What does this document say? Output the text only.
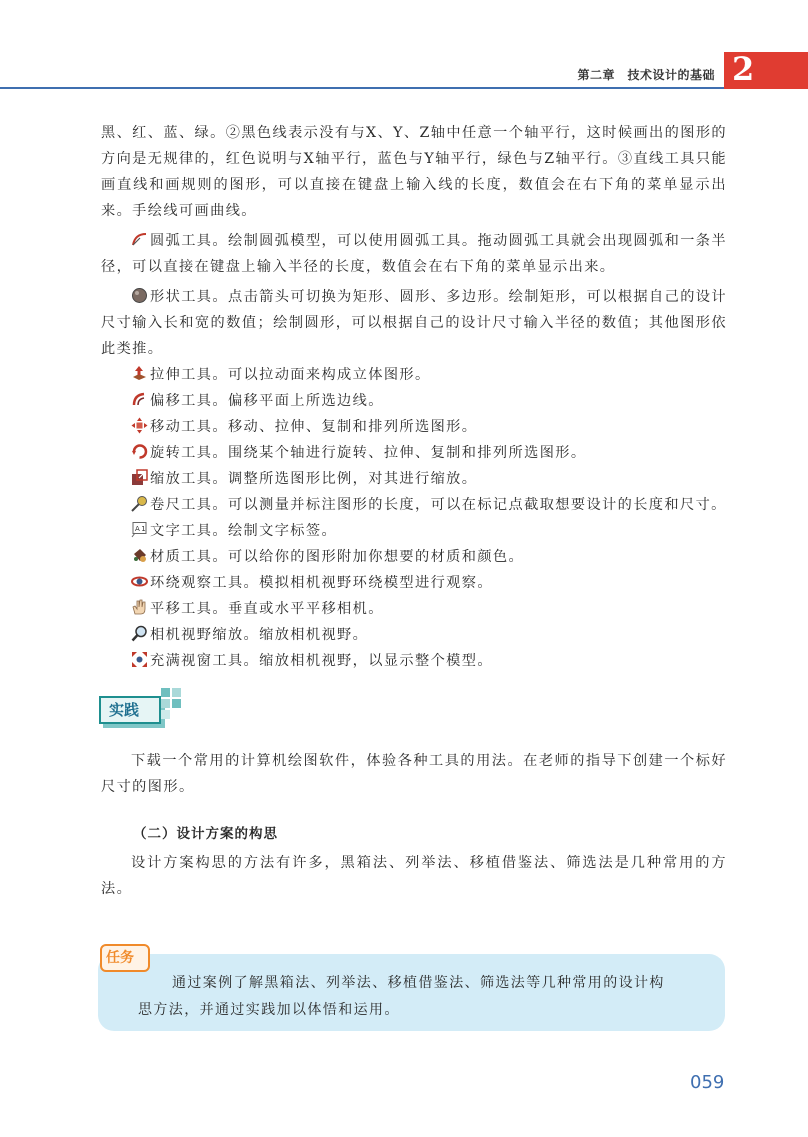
第二章　技术设计的基础 2

黑、红、蓝、绿。②黑色线表示没有与X、Y、Z轴中任意一个轴平行，这时候画出的图形的方向是无规律的，红色说明与X轴平行，蓝色与Y轴平行，绿色与Z轴平行。③直线工具只能画直线和画规则的图形，可以直接在键盘上输入线的长度，数值会在右下角的菜单显示出来。手绘线可画曲线。

圆弧工具。绘制圆弧模型，可以使用圆弧工具。拖动圆弧工具就会出现圆弧和一条半径，可以直接在键盘上输入半径的长度，数值会在右下角的菜单显示出来。

形状工具。点击箭头可切换为矩形、圆形、多边形。绘制矩形，可以根据自己的设计尺寸输入长和宽的数值；绘制圆形，可以根据自己的设计尺寸输入半径的数值；其他图形依此类推。

拉伸工具。可以拉动面来构成立体图形。

偏移工具。偏移平面上所选边线。

移动工具。移动、拉伸、复制和排列所选图形。

旋转工具。围绕某个轴进行旋转、拉伸、复制和排列所选图形。

缩放工具。调整所选图形比例，对其进行缩放。

卷尺工具。可以测量并标注图形的长度，可以在标记点截取想要设计的长度和尺寸。

A1 文字工具。绘制文字标签。

材质工具。可以给你的图形附加你想要的材质和颜色。

环绕观察工具。模拟相机视野环绕模型进行观察。

平移工具。垂直或水平平移相机。

相机视野缩放。缩放相机视野。

充满视窗工具。缩放相机视野，以显示整个模型。

实践

下载一个常用的计算机绘图软件，体验各种工具的用法。在老师的指导下创建一个标好尺寸的图形。

（二）设计方案的构思

设计方案构思的方法有许多，黑箱法、列举法、移植借鉴法、筛选法是几种常用的方法。

任务
通过案例了解黑箱法、列举法、移植借鉴法、筛选法等几种常用的设计构
思方法，并通过实践加以体悟和运用。
059
